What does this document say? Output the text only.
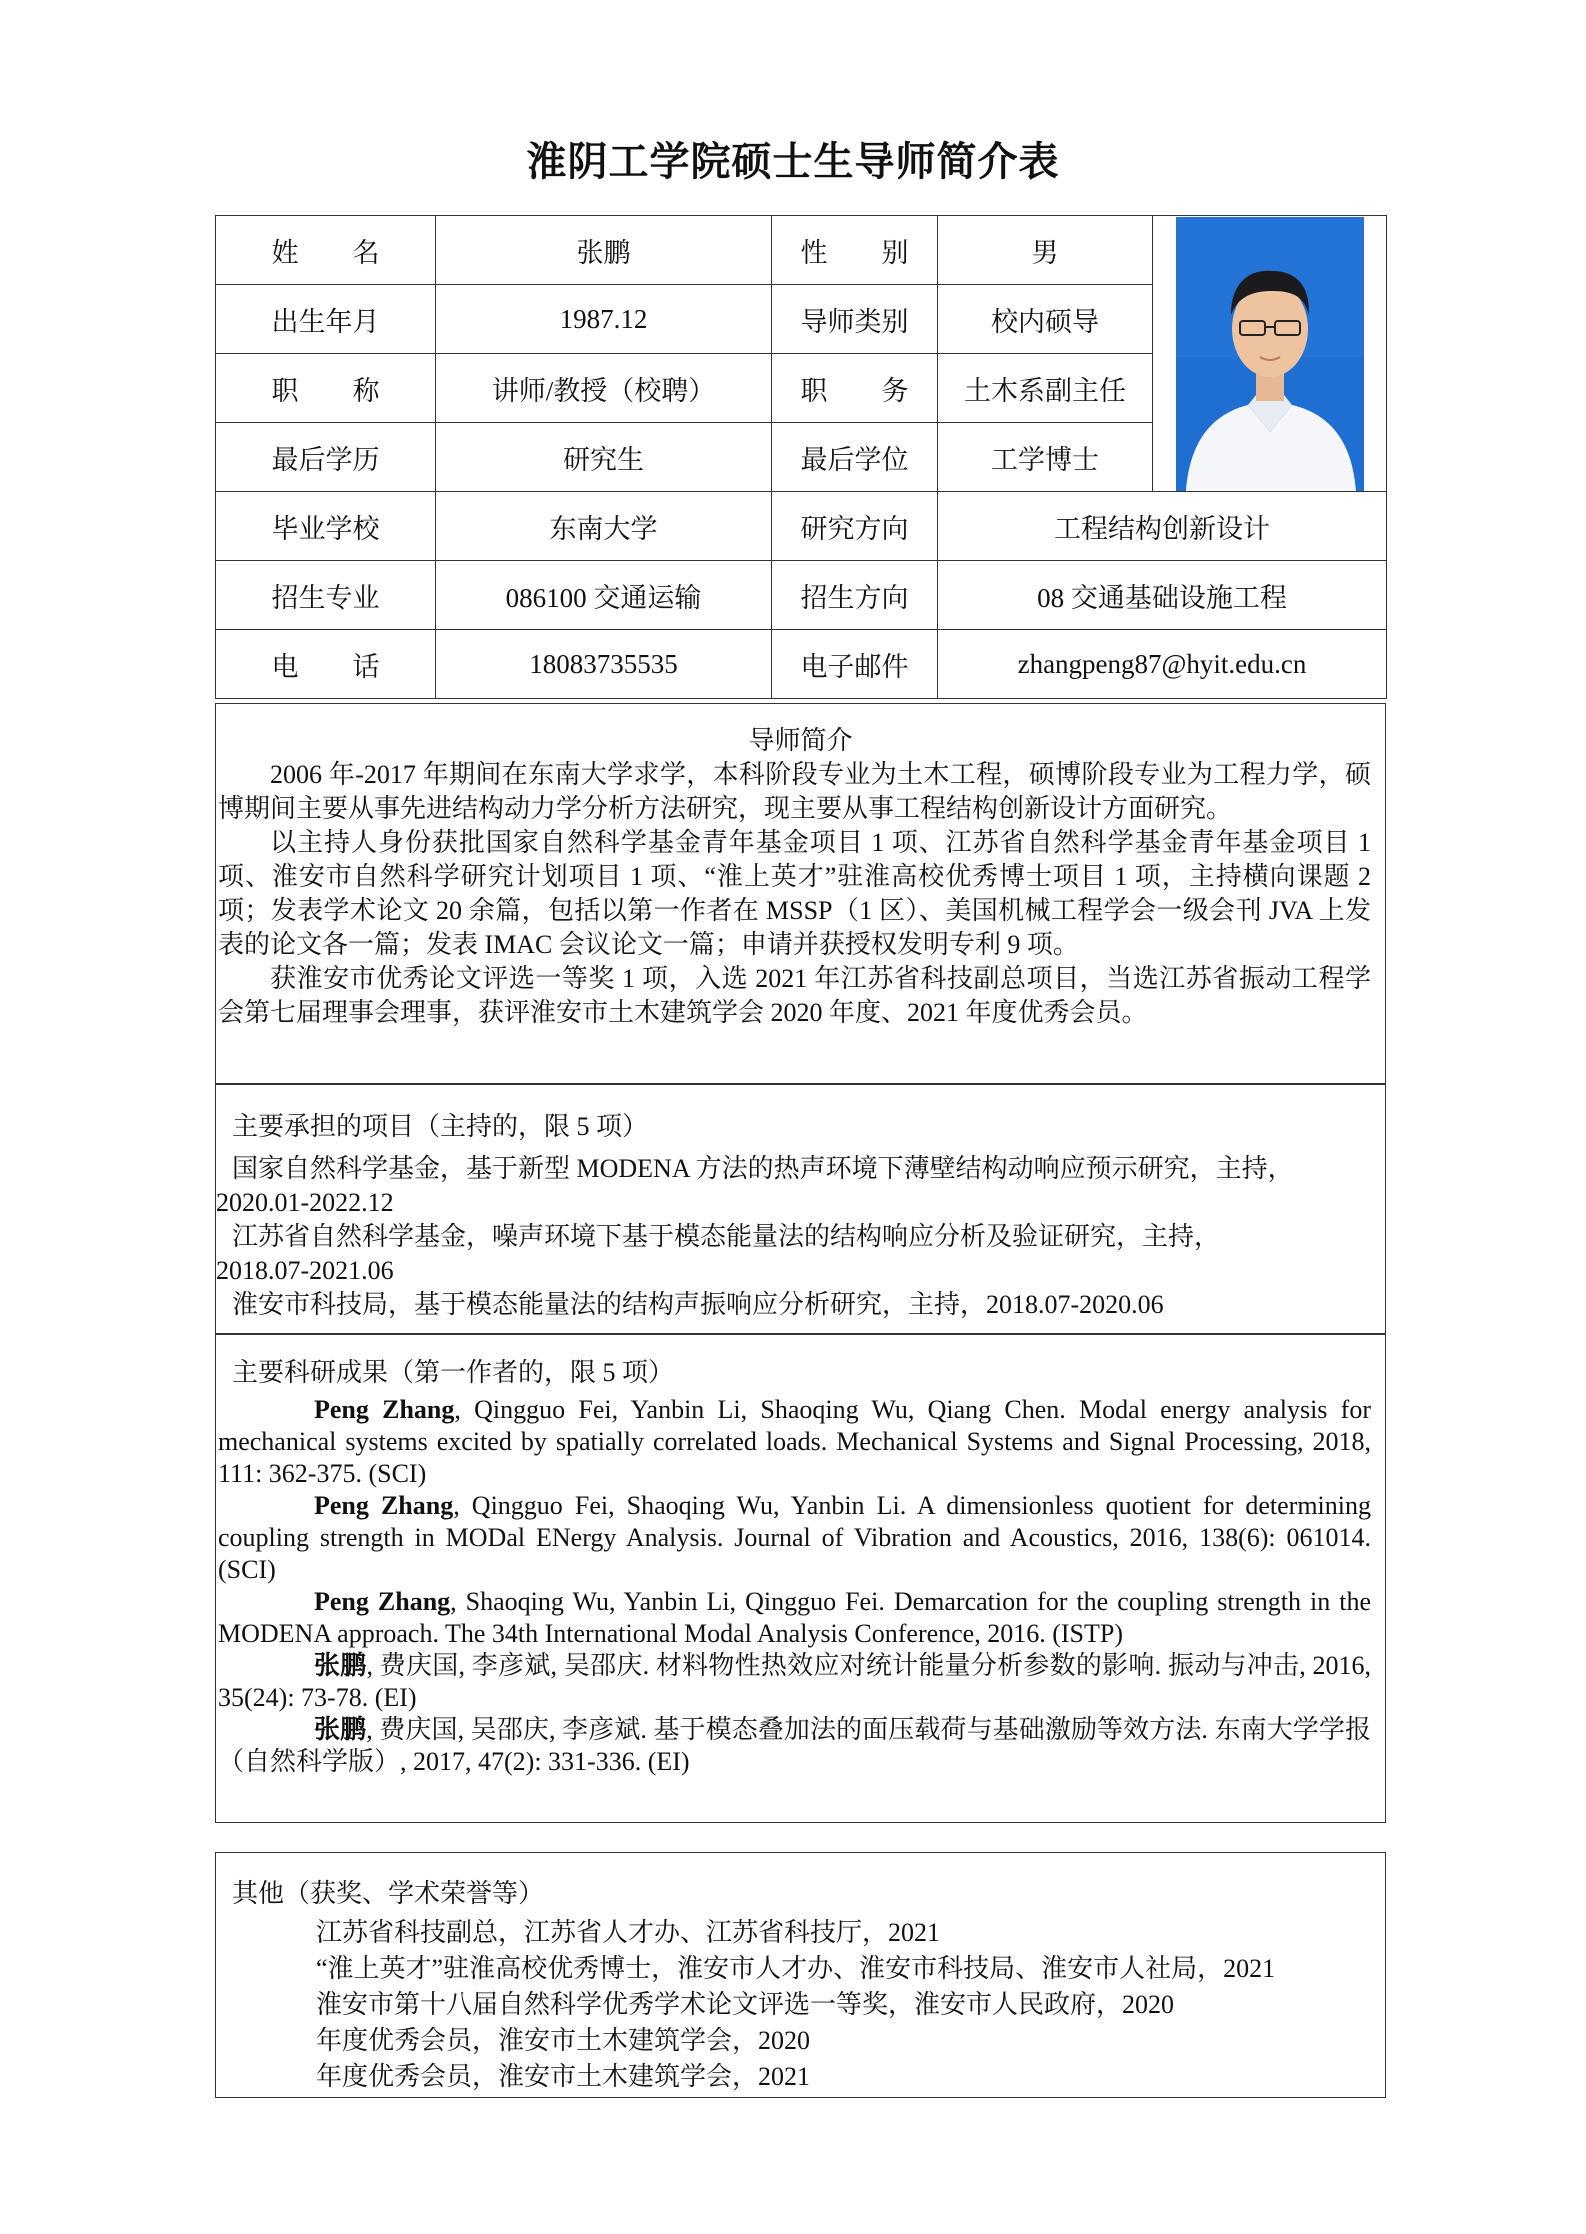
淮阴工学院硕士生导师简介表
姓　　名	张鹏	性　　别	男	

出生年月	1987.12	导师类别	校内硕导	
职　　称	讲师/教授（校聘）	职　　务	土木系副主任	
最后学历	研究生	最后学位	工学博士	
毕业学校	东南大学	研究方向	工程结构创新设计	
招生专业	086100 交通运输	招生方向	08 交通基础设施工程	
电　　话	18083735535	电子邮件	zhangpeng87@hyit.edu.cn	
导师简介
2006 年-2017 年期间在东南大学求学，本科阶段专业为土木工程，硕博阶段专业为工程力学，硕博期间主要从事先进结构动力学分析方法研究，现主要从事工程结构创新设计方面研究。
以主持人身份获批国家自然科学基金青年基金项目 1 项、江苏省自然科学基金青年基金项目 1 项、淮安市自然科学研究计划项目 1 项、“淮上英才”驻淮高校优秀博士项目 1 项，主持横向课题 2 项；发表学术论文 20 余篇，包括以第一作者在 MSSP（1 区）、美国机械工程学会一级会刊 JVA 上发表的论文各一篇；发表 IMAC 会议论文一篇；申请并获授权发明专利 9 项。
获淮安市优秀论文评选一等奖 1 项，入选 2021 年江苏省科技副总项目，当选江苏省振动工程学会第七届理事会理事，获评淮安市土木建筑学会 2020 年度、2021 年度优秀会员。
主要承担的项目（主持的，限 5 项）
国家自然科学基金，基于新型 MODENA 方法的热声环境下薄壁结构动响应预示研究，主持，
2020.01-2022.12
江苏省自然科学基金，噪声环境下基于模态能量法的结构响应分析及验证研究，主持，
2018.07-2021.06
淮安市科技局，基于模态能量法的结构声振响应分析研究，主持，2018.07-2020.06
主要科研成果（第一作者的，限 5 项）
Peng Zhang, Qingguo Fei, Yanbin Li, Shaoqing Wu, Qiang Chen. Modal energy analysis for mechanical systems excited by spatially correlated loads. Mechanical Systems and Signal Processing, 2018, 111: 362-375. (SCI)
Peng Zhang, Qingguo Fei, Shaoqing Wu, Yanbin Li. A dimensionless quotient for determining coupling strength in MODal ENergy Analysis. Journal of Vibration and Acoustics, 2016, 138(6): 061014. (SCI)
Peng Zhang, Shaoqing Wu, Yanbin Li, Qingguo Fei. Demarcation for the coupling strength in the MODENA approach. The 34th International Modal Analysis Conference, 2016. (ISTP)
张鹏, 费庆国, 李彦斌, 吴邵庆. 材料物性热效应对统计能量分析参数的影响. 振动与冲击, 2016, 35(24): 73-78. (EI)
张鹏, 费庆国, 吴邵庆, 李彦斌. 基于模态叠加法的面压载荷与基础激励等效方法. 东南大学学报（自然科学版）, 2017, 47(2): 331-336. (EI)
其他（获奖、学术荣誉等）
江苏省科技副总，江苏省人才办、江苏省科技厅，2021
“淮上英才”驻淮高校优秀博士，淮安市人才办、淮安市科技局、淮安市人社局，2021
淮安市第十八届自然科学优秀学术论文评选一等奖，淮安市人民政府，2020
年度优秀会员，淮安市土木建筑学会，2020
年度优秀会员，淮安市土木建筑学会，2021
